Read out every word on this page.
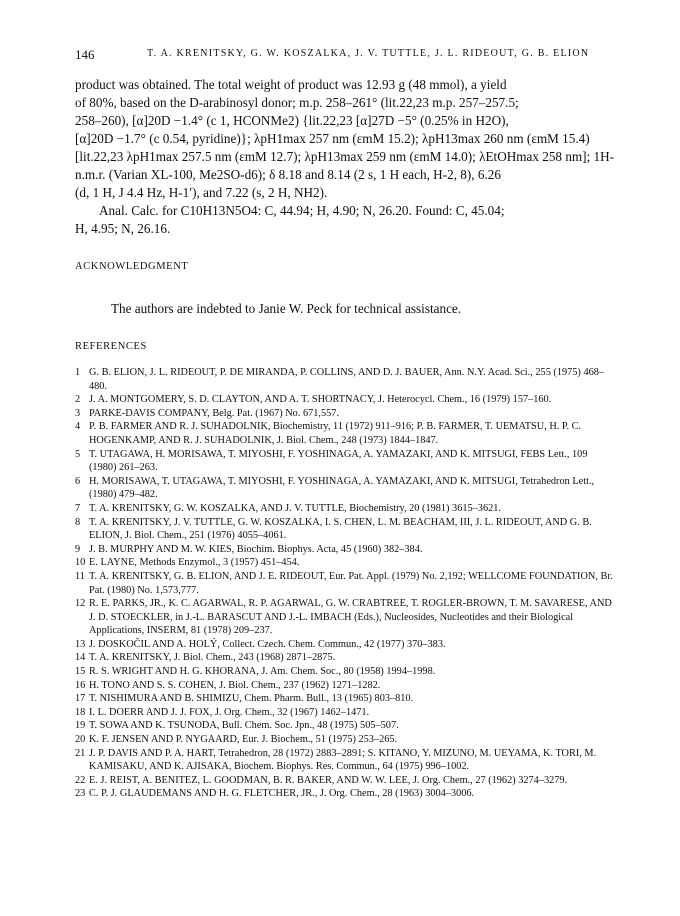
146	T. A. KRENITSKY, G. W. KOSZALKA, J. V. TUTTLE, J. L. RIDEOUT, G. B. ELION

product was obtained. The total weight of product was 12.93 g (48 mmol), a yield

of 80%, based on the D-arabinosyl donor; m.p. 258–261° (lit.22,23 m.p. 257–257.5;

258–260), [α]20D −1.4° (c 1, HCONMe2) {lit.22,23 [α]27D −5° (0.25% in H2O),

[α]20D −1.7° (c 0.54, pyridine)}; λpH1max 257 nm (εmM 15.2); λpH13max 260 nm (εmM 15.4)

[lit.22,23 λpH1max 257.5 nm (εmM 12.7); λpH13max 259 nm (εmM 14.0); λEtOHmax 258 nm]; 1H-

n.m.r. (Varian XL-100, Me2SO-d6); δ 8.18 and 8.14 (2 s, 1 H each, H-2, 8), 6.26

(d, 1 H, J 4.4 Hz, H-1′), and 7.22 (s, 2 H, NH2).

Anal. Calc. for C10H13N5O4: C, 44.94; H, 4.90; N, 26.20. Found: C, 45.04;

H, 4.95; N, 26.16.

ACKNOWLEDGMENT

The authors are indebted to Janie W. Peck for technical assistance.

REFERENCES
1 G. B. ELION, J. L. RIDEOUT, P. DE MIRANDA, P. COLLINS, AND D. J. BAUER, Ann. N.Y. Acad. Sci., 255 (1975) 468–480.
2 J. A. MONTGOMERY, S. D. CLAYTON, AND A. T. SHORTNACY, J. Heterocycl. Chem., 16 (1979) 157–160.
3 PARKE-DAVIS COMPANY, Belg. Pat. (1967) No. 671,557.
4 P. B. FARMER AND R. J. SUHADOLNIK, Biochemistry, 11 (1972) 911–916; P. B. FARMER, T. UEMATSU, H. P. C. HOGENKAMP, AND R. J. SUHADOLNIK, J. Biol. Chem., 248 (1973) 1844–1847.
5 T. UTAGAWA, H. MORISAWA, T. MIYOSHI, F. YOSHINAGA, A. YAMAZAKI, AND K. MITSUGI, FEBS Lett., 109 (1980) 261–263.
6 H. MORISAWA, T. UTAGAWA, T. MIYOSHI, F. YOSHINAGA, A. YAMAZAKI, AND K. MITSUGI, Tetrahedron Lett., (1980) 479–482.
7 T. A. KRENITSKY, G. W. KOSZALKA, AND J. V. TUTTLE, Biochemistry, 20 (1981) 3615–3621.
8 T. A. KRENITSKY, J. V. TUTTLE, G. W. KOSZALKA, I. S. CHEN, L. M. BEACHAM, III, J. L. RIDEOUT, AND G. B. ELION, J. Biol. Chem., 251 (1976) 4055–4061.
9 J. B. MURPHY AND M. W. KIES, Biochim. Biophys. Acta, 45 (1960) 382–384.
10 E. LAYNE, Methods Enzymol., 3 (1957) 451–454.
11 T. A. KRENITSKY, G. B. ELION, AND J. E. RIDEOUT, Eur. Pat. Appl. (1979) No. 2,192; WELLCOME FOUNDATION, Br. Pat. (1980) No. 1,573,777.
12 R. E. PARKS, JR., K. C. AGARWAL, R. P. AGARWAL, G. W. CRABTREE, T. ROGLER-BROWN, T. M. SAVARESE, AND J. D. STOECKLER, in J.-L. BARASCUT AND J.-L. IMBACH (Eds.), Nucleosides, Nucleotides and their Biological Applications, INSERM, 81 (1978) 209–237.
13 J. DOSKOČIL AND A. HOLÝ, Collect. Czech. Chem. Commun., 42 (1977) 370–383.
14 T. A. KRENITSKY, J. Biol. Chem., 243 (1968) 2871–2875.
15 R. S. WRIGHT AND H. G. KHORANA, J. Am. Chem. Soc., 80 (1958) 1994–1998.
16 H. TONO AND S. S. COHEN, J. Biol. Chem., 237 (1962) 1271–1282.
17 T. NISHIMURA AND B. SHIMIZU, Chem. Pharm. Bull., 13 (1965) 803–810.
18 I. L. DOERR AND J. J. FOX, J. Org. Chem., 32 (1967) 1462–1471.
19 T. SOWA AND K. TSUNODA, Bull. Chem. Soc. Jpn., 48 (1975) 505–507.
20 K. F. JENSEN AND P. NYGAARD, Eur. J. Biochem., 51 (1975) 253–265.
21 J. P. DAVIS AND P. A. HART, Tetrahedron, 28 (1972) 2883–2891; S. KITANO, Y. MIZUNO, M. UEYAMA, K. TORI, M. KAMISAKU, AND K. AJISAKA, Biochem. Biophys. Res. Commun., 64 (1975) 996–1002.
22 E. J. REIST, A. BENITEZ, L. GOODMAN, B. R. BAKER, AND W. W. LEE, J. Org. Chem., 27 (1962) 3274–3279.
23 C. P. J. GLAUDEMANS AND H. G. FLETCHER, JR., J. Org. Chem., 28 (1963) 3004–3006.
